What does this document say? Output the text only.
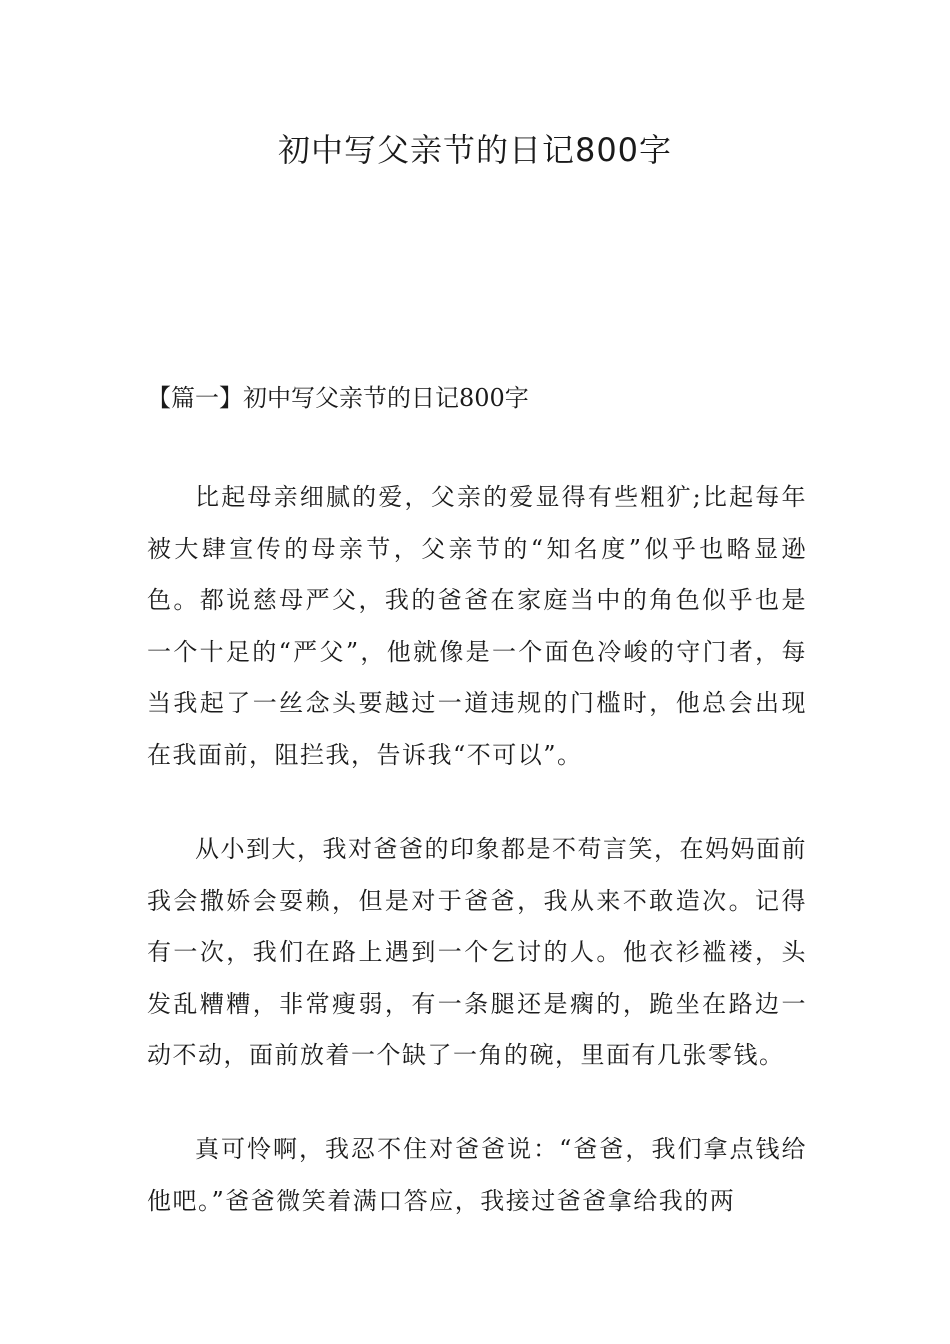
初中写父亲节的日记800字
【篇一】初中写父亲节的日记800字

比起母亲细腻的爱，父亲的爱显得有些粗犷;比起每年被大肆宣传的母亲节，父亲节的“知名度”似乎也略显逊色。都说慈母严父，我的爸爸在家庭当中的角色似乎也是一个十足的“严父”，他就像是一个面色冷峻的守门者，每当我起了一丝念头要越过一道违规的门槛时，他总会出现在我面前，阻拦我，告诉我“不可以”。

从小到大，我对爸爸的印象都是不苟言笑，在妈妈面前我会撒娇会耍赖，但是对于爸爸，我从来不敢造次。记得有一次，我们在路上遇到一个乞讨的人。他衣衫褴褛，头发乱糟糟，非常瘦弱，有一条腿还是瘸的，跪坐在路边一动不动，面前放着一个缺了一角的碗，里面有几张零钱。

真可怜啊，我忍不住对爸爸说：“爸爸，我们拿点钱给他吧。”爸爸微笑着满口答应，我接过爸爸拿给我的两
